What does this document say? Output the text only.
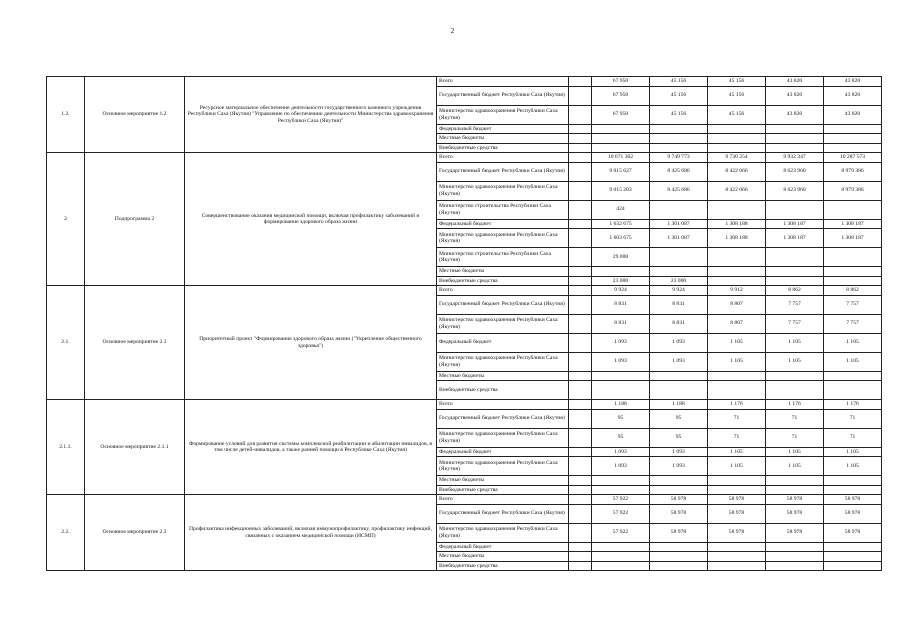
2
1.2.	Основное мероприятие 1.2	Ресурсное материальное обеспечение деятельности государственного казенного учреждения Республики Саха (Якутия) "Управление по обеспечению деятельности Министерства здравоохранения Республики Саха (Якутия)"	Всего		67 950	45 156	45 156	43 820	43 820
			Государственный бюджет Республики Саха (Якутия)		67 950	45 156	45 156	43 820	43 820
			Министерство здравоохранения Республики Саха (Якутия)		67 950	45 156	45 156	43 820	43 820
			Федеральный бюджет						
			Местные бюджеты						
			Внебюджетные средства						
2	Подпрограмма 2	Совершенствование оказания медицинской помощи, включая профилактику заболеваний и формирование здорового образа жизни	Всего		10 671 302	9 749 773	9 730 254	9 932 347	10 287 573
			Государственный бюджет Республики Саха (Якутия)		9 015 627	8 425 686	8 422 066	8 623 960	8 979 386
			Министерство здравоохранения Республики Саха (Якутия)		9 015 203	8 425 686	8 422 066	8 623 960	8 979 386
			Министерство строительства Республики Саха (Якутия)		424				
			Федеральный бюджет		1 632 675	1 301 087	1 308 188	1 308 187	1 308 187
			Министерство здравоохранения Республики Саха (Якутия)		1 603 675	1 301 087	1 308 188	1 308 187	1 308 187
			Министерство строительства Республики Саха (Якутия)		29 000				
			Местные бюджеты						
			Внебюджетные средства		23 000	23 000			
2.1.	Основное мероприятие 2.1	Приоритетный проект "Формирование здорового образа жизни ("Укрепление общественного здоровья")	Всего		9 924	9 924	9 912	8 862	8 862
			Государственный бюджет Республики Саха (Якутия)		8 831	8 831	8 807	7 757	7 757
			Министерство здравоохранения Республики Саха (Якутия)		8 831	8 831	8 807	7 757	7 757
			Федеральный бюджет		1 093	1 093	1 105	1 105	1 105
			Министерство здравоохранения Республики Саха (Якутия)		1 093	1 093	1 105	1 105	1 105
			Местные бюджеты						
			Внебюджетные средства						
2.1.1.	Основное мероприятие 2.1.1	Формирование условий для развития системы комплексной реабилитации и абилитации инвалидов, в том числе детей-инвалидов, а также ранней помощи в Республике Саха (Якутия)	Всего		1 188	1 188	1 176	1 176	1 176
			Государственный бюджет Республики Саха (Якутия)		95	95	71	71	71
			Министерство здравоохранения Республики Саха (Якутия)		95	95	71	71	71
			Федеральный бюджет		1 093	1 093	1 105	1 105	1 105
			Министерство здравоохранения Республики Саха (Якутия)		1 093	1 093	1 105	1 105	1 105
			Местные бюджеты						
			Внебюджетные средства						
2.2.	Основное мероприятие 2.2	Профилактика инфекционных заболеваний, включая иммунопрофилактику, профилактику инфекций, связанных с оказанием медицинской помощи (ИСМП)	Всего		57 922	58 978	58 978	58 978	58 978
			Государственный бюджет Республики Саха (Якутия)		57 922	58 978	58 978	58 978	58 978
			Министерство здравоохранения Республики Саха (Якутия)		57 922	58 978	58 978	58 978	58 978
			Федеральный бюджет						
			Местные бюджеты						
			Внебюджетные средства						
